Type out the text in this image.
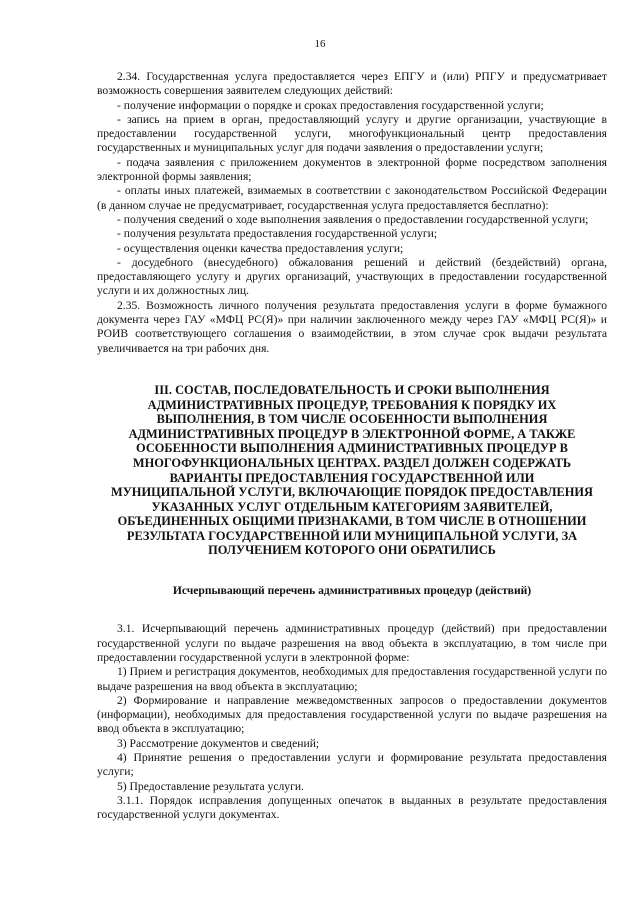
16

2.34. Государственная услуга предоставляется через ЕПГУ и (или) РПГУ и предусматривает возможность совершения заявителем следующих действий:

- получение информации о порядке и сроках предоставления государственной услуги;

- запись на прием в орган, предоставляющий услугу и другие организации, участвующие в предоставлении государственной услуги, многофункциональный центр предоставления государственных и муниципальных услуг для подачи заявления о предоставлении услуги;

- подача заявления с приложением документов в электронной форме посредством заполнения электронной формы заявления;

- оплаты иных платежей, взимаемых в соответствии с законодательством Российской Федерации (в данном случае не предусматривает, государственная услуга предоставляется бесплатно):

- получения сведений о ходе выполнения заявления о предоставлении государственной услуги;

- получения результата предоставления государственной услуги;

- осуществления оценки качества предоставления услуги;

- досудебного (внесудебного) обжалования решений и действий (бездействий) органа, предоставляющего услугу и других организаций, участвующих в предоставлении государственной услуги и их должностных лиц.

2.35. Возможность личного получения результата предоставления услуги в форме бумажного документа через ГАУ «МФЦ РС(Я)» при наличии заключенного между через ГАУ «МФЦ РС(Я)» и РОИВ соответствующего соглашения о взаимодействии, в этом случае срок выдачи результата увеличивается на три рабочих дня.

III. СОСТАВ, ПОСЛЕДОВАТЕЛЬНОСТЬ И СРОКИ ВЫПОЛНЕНИЯ АДМИНИСТРАТИВНЫХ ПРОЦЕДУР, ТРЕБОВАНИЯ К ПОРЯДКУ ИХ ВЫПОЛНЕНИЯ, В ТОМ ЧИСЛЕ ОСОБЕННОСТИ ВЫПОЛНЕНИЯ АДМИНИСТРАТИВНЫХ ПРОЦЕДУР В ЭЛЕКТРОННОЙ ФОРМЕ, А ТАКЖЕ ОСОБЕННОСТИ ВЫПОЛНЕНИЯ АДМИНИСТРАТИВНЫХ ПРОЦЕДУР В МНОГОФУНКЦИОНАЛЬНЫХ ЦЕНТРАХ. РАЗДЕЛ ДОЛЖЕН СОДЕРЖАТЬ ВАРИАНТЫ ПРЕДОСТАВЛЕНИЯ ГОСУДАРСТВЕННОЙ ИЛИ МУНИЦИПАЛЬНОЙ УСЛУГИ, ВКЛЮЧАЮЩИЕ ПОРЯДОК ПРЕДОСТАВЛЕНИЯ УКАЗАННЫХ УСЛУГ ОТДЕЛЬНЫМ КАТЕГОРИЯМ ЗАЯВИТЕЛЕЙ, ОБЪЕДИНЕННЫХ ОБЩИМИ ПРИЗНАКАМИ, В ТОМ ЧИСЛЕ В ОТНОШЕНИИ РЕЗУЛЬТАТА ГОСУДАРСТВЕННОЙ ИЛИ МУНИЦИПАЛЬНОЙ УСЛУГИ, ЗА ПОЛУЧЕНИЕМ КОТОРОГО ОНИ ОБРАТИЛИСЬ
Исчерпывающий перечень административных процедур (действий)

3.1. Исчерпывающий перечень административных процедур (действий) при предоставлении государственной услуги по выдаче разрешения на ввод объекта в эксплуатацию, в том числе при предоставлении государственной услуги в электронной форме:

1) Прием и регистрация документов, необходимых для предоставления государственной услуги по выдаче разрешения на ввод объекта в эксплуатацию;

2) Формирование и направление межведомственных запросов о предоставлении документов (информации), необходимых для предоставления государственной услуги по выдаче разрешения на ввод объекта в эксплуатацию;

3) Рассмотрение документов и сведений;

4) Принятие решения о предоставлении услуги и формирование результата предоставления услуги;

5) Предоставление результата услуги.

3.1.1. Порядок исправления допущенных опечаток в выданных в результате предоставления государственной услуги документах.
